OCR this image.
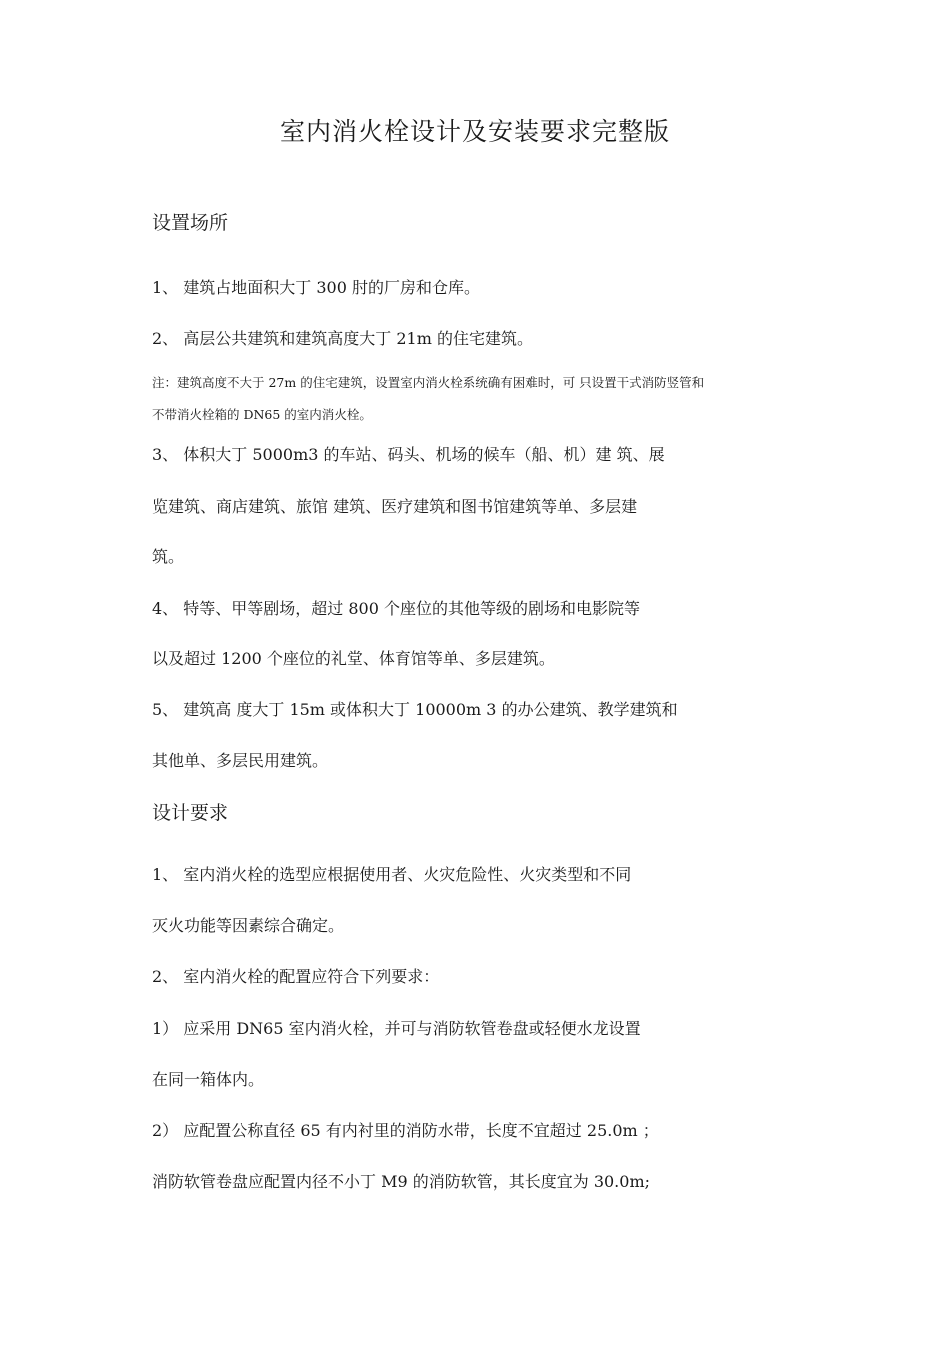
室内消火栓设计及安装要求完整版
设置场所
1、 建筑占地面积大丁 300 肘的厂房和仓库。
2、 高层公共建筑和建筑高度大丁 21m 的住宅建筑。
注：建筑高度不大于 27m 的住宅建筑，设置室内消火栓系统确有困难时，可 只设置干式消防竖管和
不带消火栓箱的 DN65 的室内消火栓。
3、 体积大丁 5000m3 的车站、码头、机场的候车（船、机）建 筑、展
览建筑、商店建筑、旅馆 建筑、医疗建筑和图书馆建筑等单、多层建
筑。
4、 特等、甲等剧场，超过 800 个座位的其他等级的剧场和电影院等
以及超过 1200 个座位的礼堂、体育馆等单、多层建筑。
5、 建筑高 度大丁 15m 或体积大丁 10000m 3 的办公建筑、教学建筑和
其他单、多层民用建筑。
设计要求
1、 室内消火栓的选型应根据使用者、火灾危险性、火灾类型和不同
灭火功能等因素综合确定。
2、 室内消火栓的配置应符合下列要求：
1） 应采用 DN65 室内消火栓，并可与消防软管卷盘或轻便水龙设置
在同一箱体内。
2） 应配置公称直径 65 有内衬里的消防水带，长度不宜超过 25.0m ；
消防软管卷盘应配置内径不小丁 M9 的消防软管，其长度宜为 30.0m;
